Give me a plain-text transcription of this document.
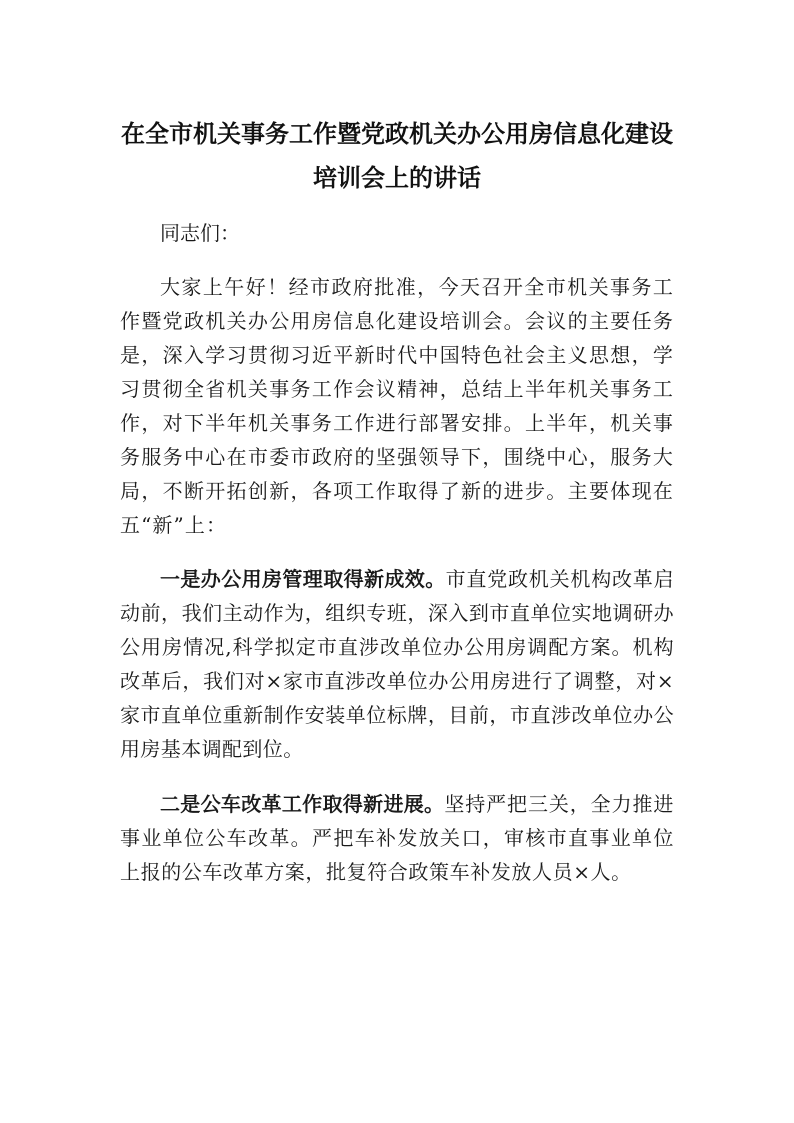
在全市机关事务工作暨党政机关办公用房信息化建设
培训会上的讲话

同志们：

大家上午好！经市政府批准，今天召开全市机关事务工作暨党政机关办公用房信息化建设培训会。会议的主要任务是，深入学习贯彻习近平新时代中国特色社会主义思想，学习贯彻全省机关事务工作会议精神，总结上半年机关事务工作，对下半年机关事务工作进行部署安排。上半年，机关事务服务中心在市委市政府的坚强领导下，围绕中心，服务大局，不断开拓创新，各项工作取得了新的进步。主要体现在五“新”上：

一是办公用房管理取得新成效。市直党政机关机构改革启动前，我们主动作为，组织专班，深入到市直单位实地调研办公用房情况,科学拟定市直涉改单位办公用房调配方案。机构改革后，我们对×家市直涉改单位办公用房进行了调整，对×家市直单位重新制作安装单位标牌，目前，市直涉改单位办公用房基本调配到位。

二是公车改革工作取得新进展。坚持严把三关，全力推进事业单位公车改革。严把车补发放关口，审核市直事业单位上报的公车改革方案，批复符合政策车补发放人员×人。
